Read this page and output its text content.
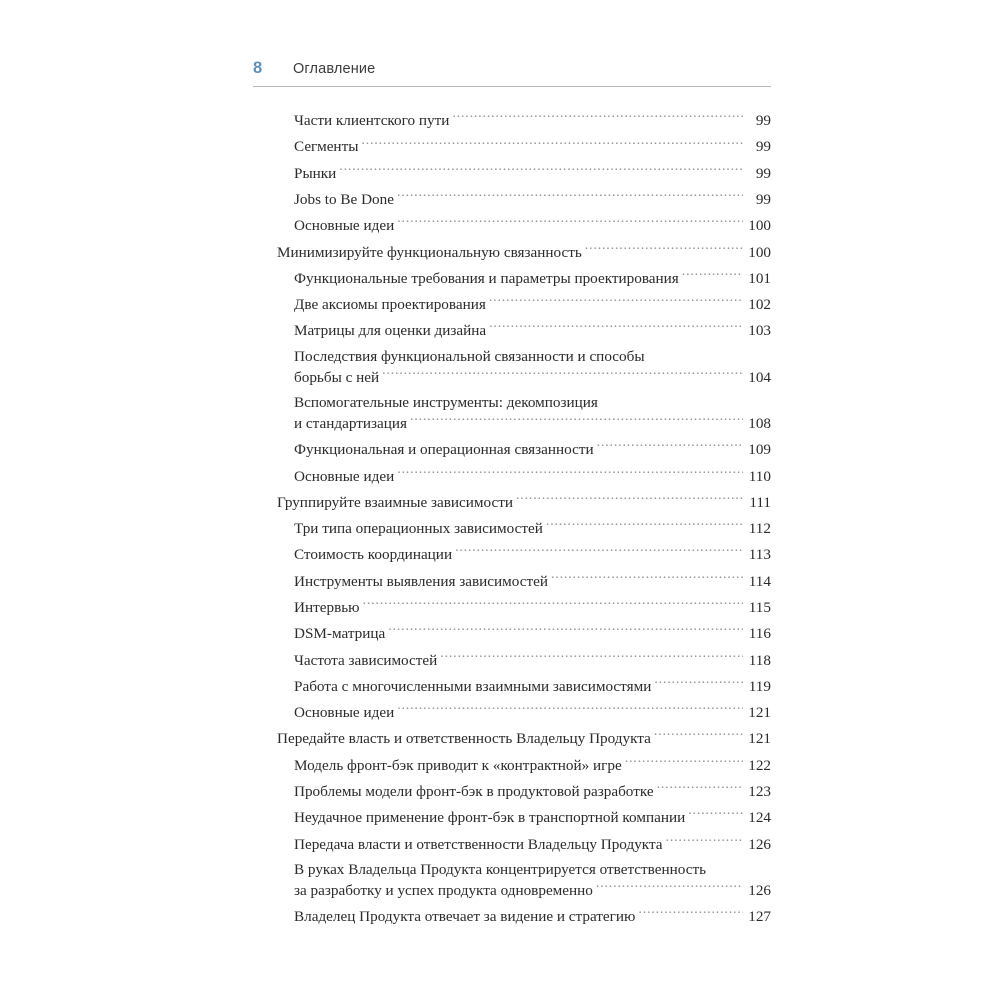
8	Оглавление
Части клиентского пути . . .	99
Сегменты . . .	99
Рынки . . .	99
Jobs to Be Done . . .	99
Основные идеи . . .	100
Минимизируйте функциональную связанность . . .	100
Функциональные требования и параметры проектирования . . .	101
Две аксиомы проектирования . . .	102
Матрицы для оценки дизайна . . .	103
Последствия функциональной связанности и способы
борьбы с ней . . .	104
Вспомогательные инструменты: декомпозиция
и стандартизация . . .	108
Функциональная и операционная связанности . . .	109
Основные идеи . . .	110
Группируйте взаимные зависимости . . .	111
Три типа операционных зависимостей . . .	112
Стоимость координации . . .	113
Инструменты выявления зависимостей . . .	114
Интервью . . .	115
DSM-матрица . . .	116
Частота зависимостей . . .	118
Работа с многочисленными взаимными зависимостями . . .	119
Основные идеи . . .	121
Передайте власть и ответственность Владельцу Продукта . . .	121
Модель фронт-бэк приводит к «контрактной» игре . . .	122
Проблемы модели фронт-бэк в продуктовой разработке . . .	123
Неудачное применение фронт-бэк в транспортной компании . . .	124
Передача власти и ответственности Владельцу Продукта . . .	126
В руках Владельца Продукта концентрируется ответственность
за разработку и успех продукта одновременно . . .	126
Владелец Продукта отвечает за видение и стратегию . . .	127
